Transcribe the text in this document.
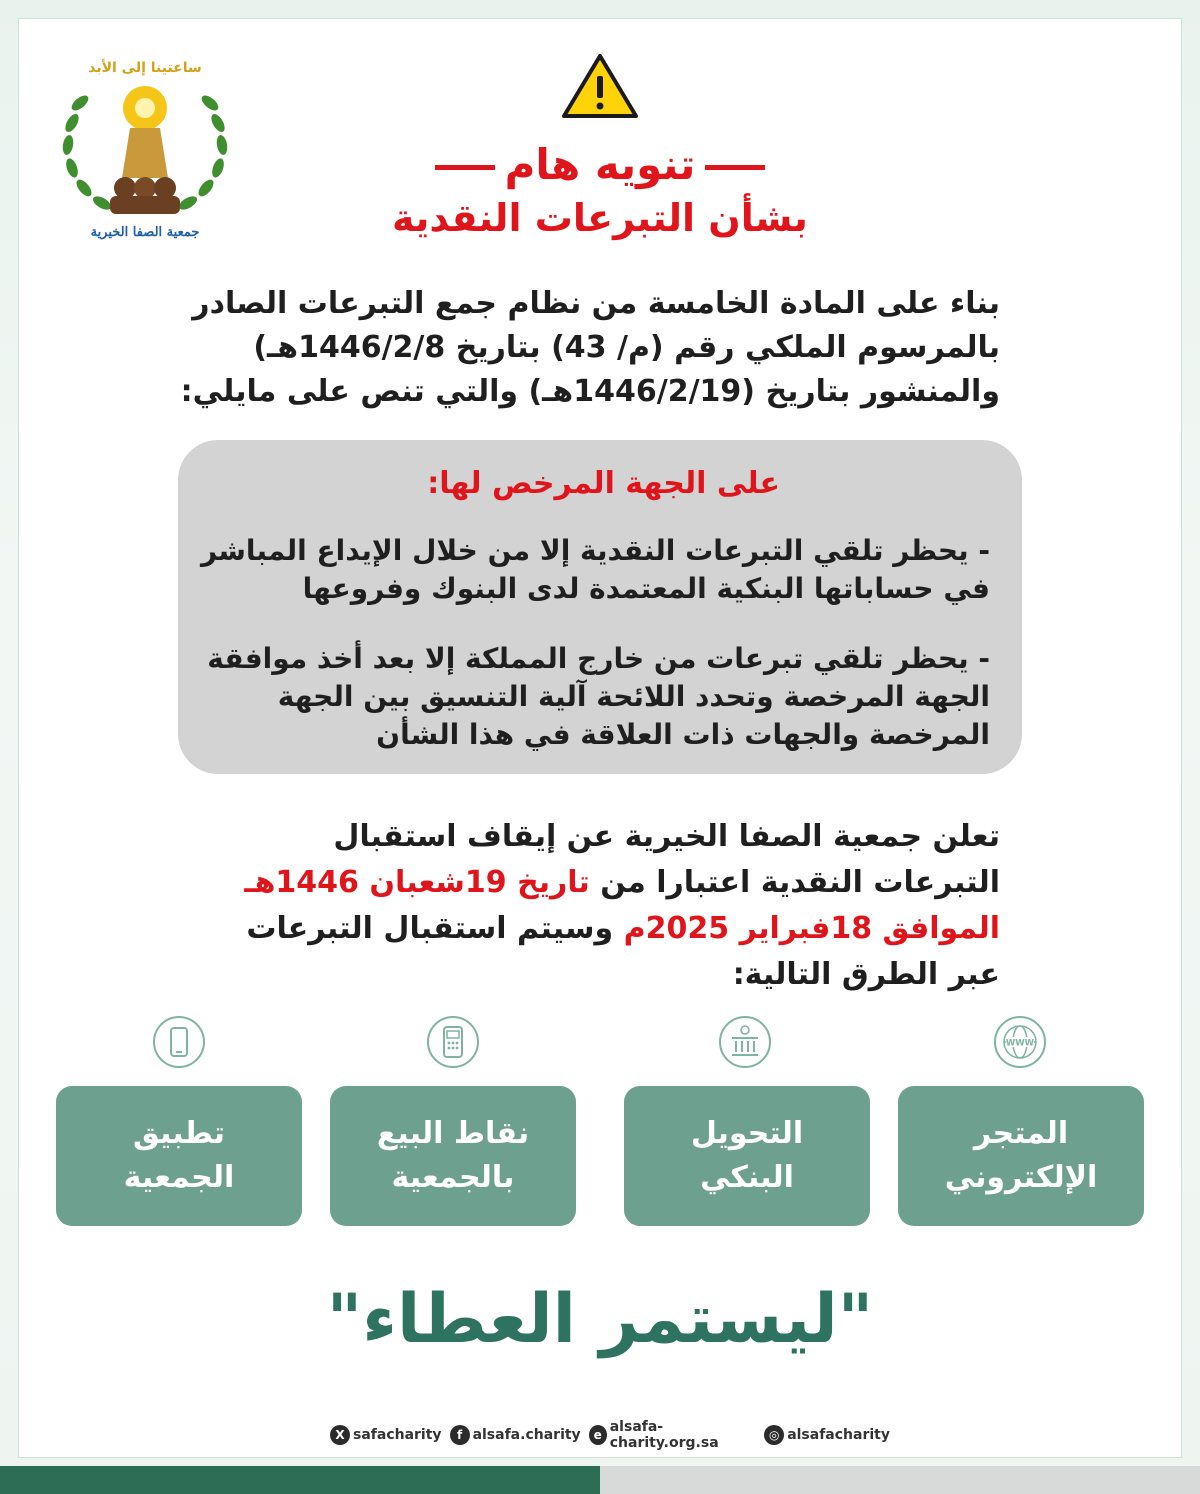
ساعتينا إلى الأبد
جمعية الصفا الخيرية
تنويه هام
بشأن التبرعات النقدية
بناء على المادة الخامسة من نظام جمع التبرعات الصادر بالمرسوم الملكي رقم (م/ 43) بتاريخ 1446/2/8هـ) والمنشور بتاريخ (1446/2/19هـ) والتي تنص على مايلي:
على الجهة المرخص لها:

- يحظر تلقي التبرعات النقدية إلا من خلال الإيداع المباشر في حساباتها البنكية المعتمدة لدى البنوك وفروعها

- يحظر تلقي تبرعات من خارج المملكة إلا بعد أخذ موافقة الجهة المرخصة وتحدد اللائحة آلية التنسيق بين الجهة المرخصة والجهات ذات العلاقة في هذا الشأن

تعلن جمعية الصفا الخيرية عن إيقاف استقبال التبرعات النقدية اعتبارا من تاريخ 19شعبان 1446هـ الموافق 18فبراير 2025م وسيتم استقبال التبرعات عبر الطرق التالية:
WWW
تطبيق
الجمعية
نقاط البيع
بالجمعية
التحويل
البنكي
المتجر
الإلكتروني
"ليستمر العطاء"
X safacharity	f alsafa.charity	e alsafa-charity.org.sa	◎ alsafacharity
